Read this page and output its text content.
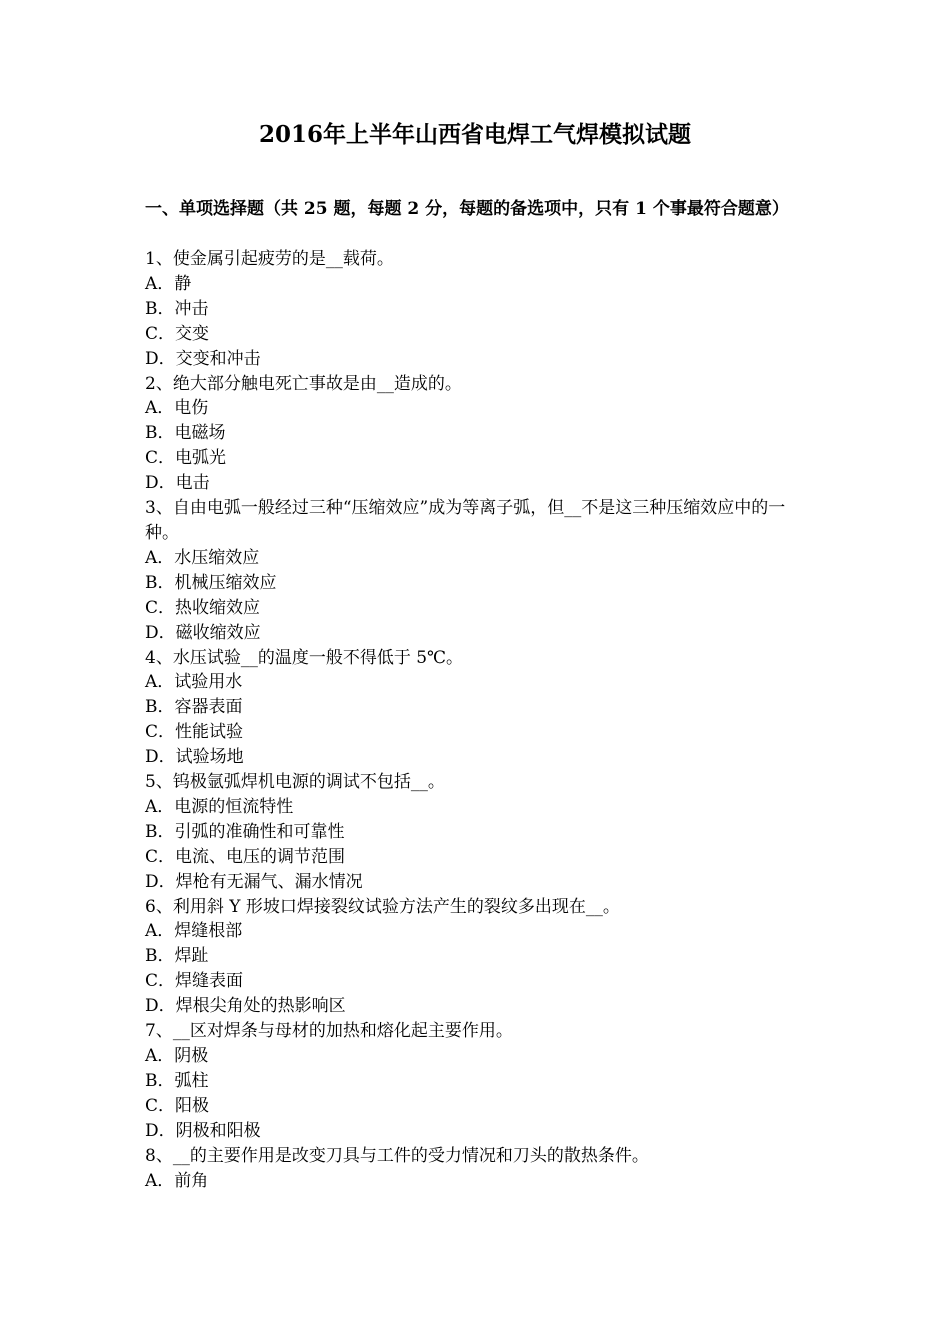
2016年上半年山西省电焊工气焊模拟试题
一、单项选择题（共 25 题，每题 2 分，每题的备选项中，只有 1 个事最符合题意）
1、使金属引起疲劳的是__载荷。
A．静
B．冲击
C．交变
D．交变和冲击
2、绝大部分触电死亡事故是由__造成的。
A．电伤
B．电磁场
C．电弧光
D．电击
3、自由电弧一般经过三种“压缩效应”成为等离子弧，但__不是这三种压缩效应中的一种。
A．水压缩效应
B．机械压缩效应
C．热收缩效应
D．磁收缩效应
4、水压试验__的温度一般不得低于 5℃。
A．试验用水
B．容器表面
C．性能试验
D．试验场地
5、钨极氩弧焊机电源的调试不包括__。
A．电源的恒流特性
B．引弧的准确性和可靠性
C．电流、电压的调节范围
D．焊枪有无漏气、漏水情况
6、利用斜 Y 形坡口焊接裂纹试验方法产生的裂纹多出现在__。
A．焊缝根部
B．焊趾
C．焊缝表面
D．焊根尖角处的热影响区
7、__区对焊条与母材的加热和熔化起主要作用。
A．阴极
B．弧柱
C．阳极
D．阴极和阳极
8、__的主要作用是改变刀具与工件的受力情况和刀头的散热条件。
A．前角
